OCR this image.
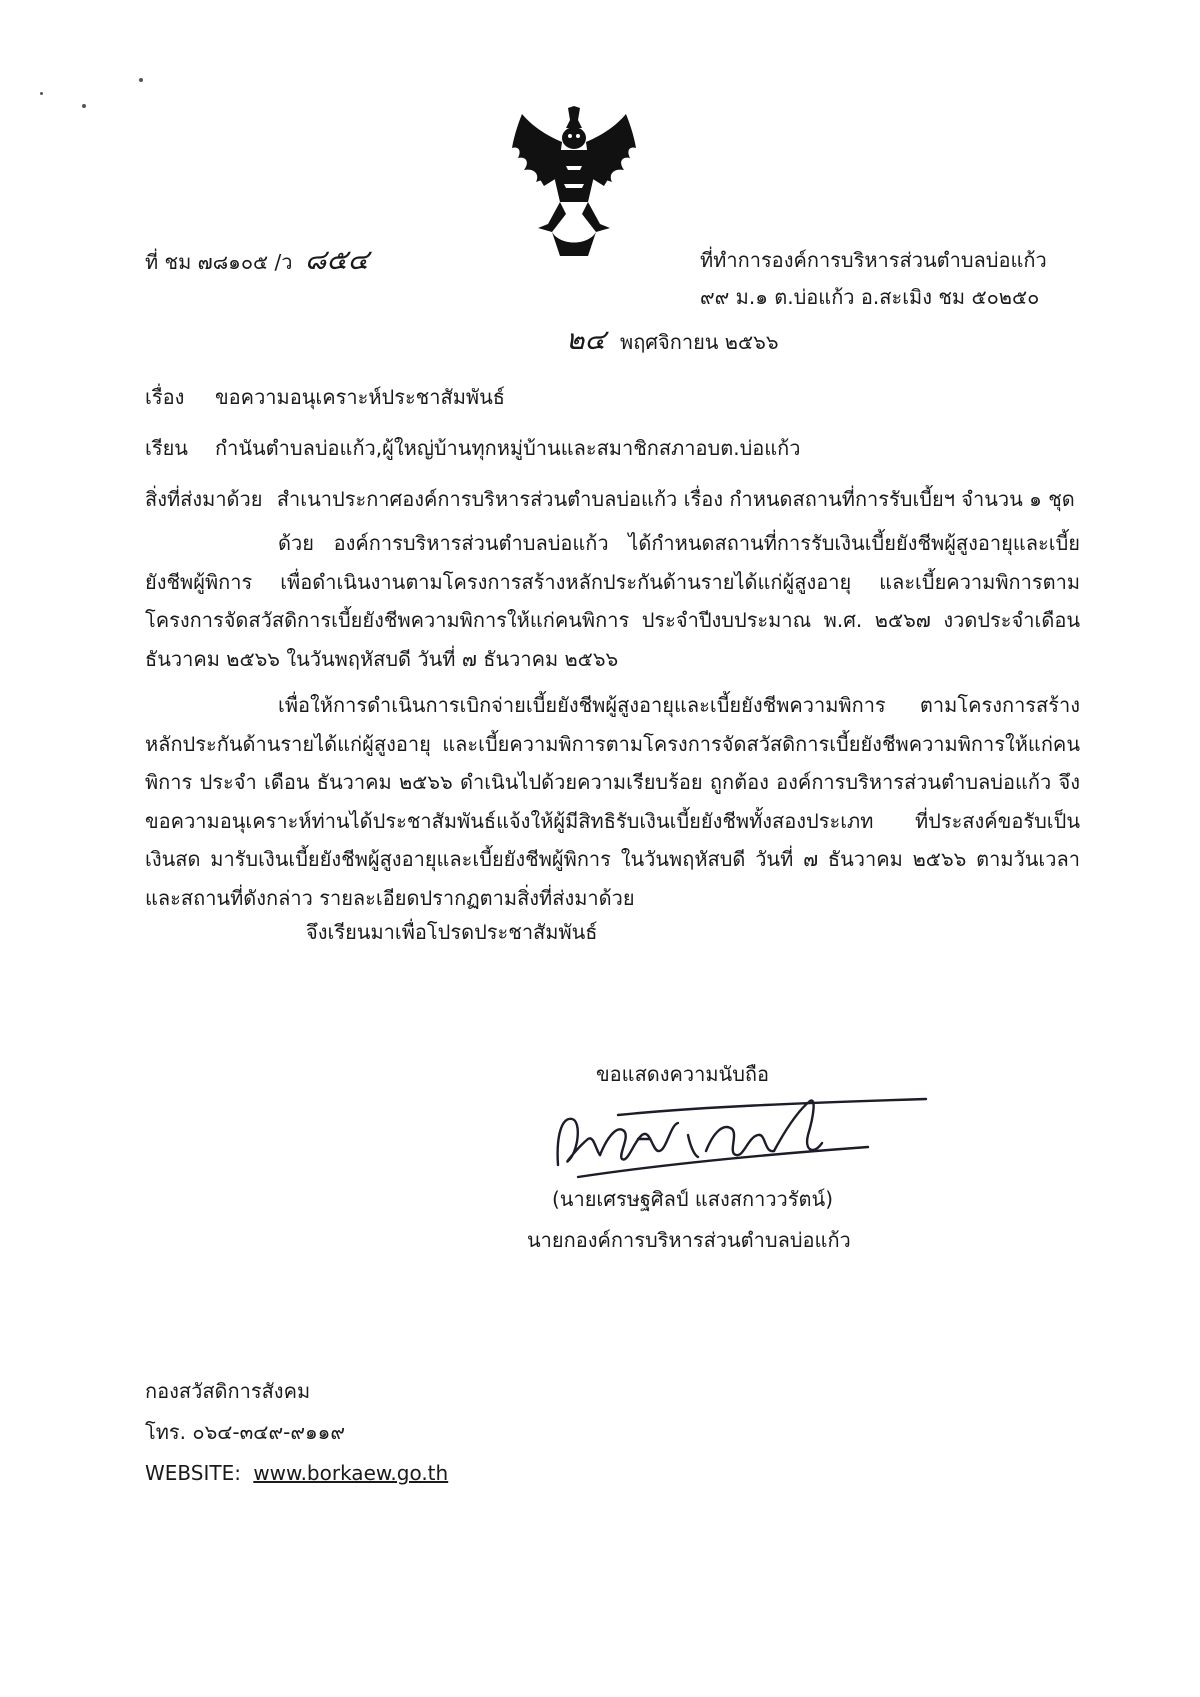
ที่ ชม ๗๘๑๐๕ /ว ๘๕๔	ที่ทำการองค์การบริหารส่วนตำบลบ่อแก้ว
๙๙ ม.๑ ต.บ่อแก้ว อ.สะเมิง ชม ๕๐๒๕๐
๒๔ พฤศจิกายน ๒๕๖๖
เรื่อง ขอความอนุเคราะห์ประชาสัมพันธ์
เรียน กำนันตำบลบ่อแก้ว,ผู้ใหญ่บ้านทุกหมู่บ้านและสมาชิกสภาอบต.บ่อแก้ว
สิ่งที่ส่งมาด้วย สำเนาประกาศองค์การบริหารส่วนตำบลบ่อแก้ว เรื่อง กำหนดสถานที่การรับเบี้ยฯ จำนวน ๑ ชุด
ด้วย องค์การบริหารส่วนตำบลบ่อแก้ว ได้กำหนดสถานที่การรับเงินเบี้ยยังชีพผู้สูงอายุและเบี้ยยังชีพผู้พิการ เพื่อดำเนินงานตามโครงการสร้างหลักประกันด้านรายได้แก่ผู้สูงอายุ และเบี้ยความพิการตามโครงการจัดสวัสดิการเบี้ยยังชีพความพิการให้แก่คนพิการ ประจำปีงบประมาณ พ.ศ. ๒๕๖๗ งวดประจำเดือน ธันวาคม ๒๕๖๖ ในวันพฤหัสบดี วันที่ ๗ ธันวาคม ๒๕๖๖
เพื่อให้การดำเนินการเบิกจ่ายเบี้ยยังชีพผู้สูงอายุและเบี้ยยังชีพความพิการ ตามโครงการสร้างหลักประกันด้านรายได้แก่ผู้สูงอายุ และเบี้ยความพิการตามโครงการจัดสวัสดิการเบี้ยยังชีพความพิการให้แก่คนพิการ ประจำ เดือน ธันวาคม ๒๕๖๖ ดำเนินไปด้วยความเรียบร้อย ถูกต้อง องค์การบริหารส่วนตำบลบ่อแก้ว จึงขอความอนุเคราะห์ท่านได้ประชาสัมพันธ์แจ้งให้ผู้มีสิทธิรับเงินเบี้ยยังชีพทั้งสองประเภท ที่ประสงค์ขอรับเป็นเงินสด มารับเงินเบี้ยยังชีพผู้สูงอายุและเบี้ยยังชีพผู้พิการ ในวันพฤหัสบดี วันที่ ๗ ธันวาคม ๒๕๖๖ ตามวันเวลาและสถานที่ดังกล่าว รายละเอียดปรากฏตามสิ่งที่ส่งมาด้วย
จึงเรียนมาเพื่อโปรดประชาสัมพันธ์
ขอแสดงความนับถือ
(นายเศรษฐศิลป์ แสงสกาววรัตน์)
นายกองค์การบริหารส่วนตำบลบ่อแก้ว
กองสวัสดิการสังคม
โทร. ๐๖๔-๓๔๙-๙๑๑๙
WEBSITE: www.borkaew.go.th
